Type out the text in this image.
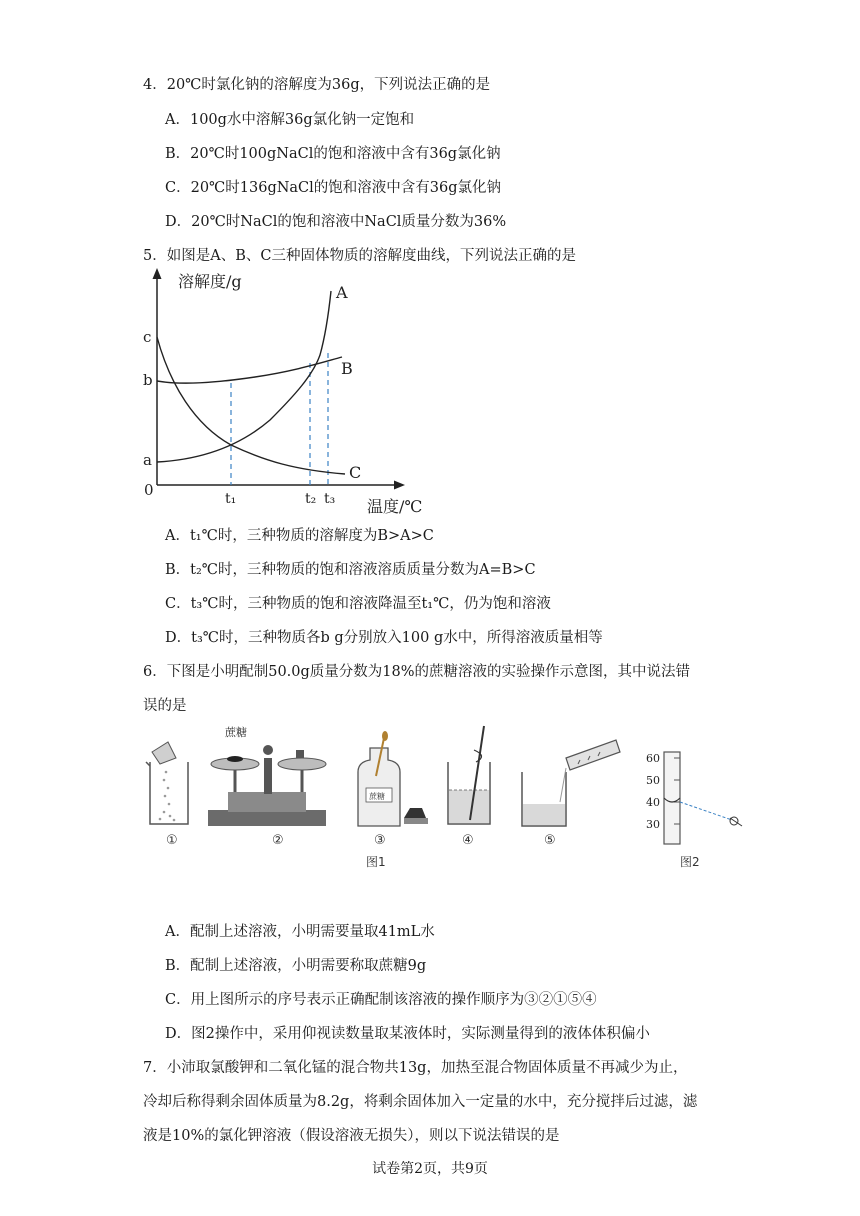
4．20℃时氯化钠的溶解度为36g，下列说法正确的是
A．100g水中溶解36g氯化钠一定饱和
B．20℃时100gNaCl的饱和溶液中含有36g氯化钠
C．20℃时136gNaCl的饱和溶液中含有36g氯化钠
D．20℃时NaCl的饱和溶液中NaCl质量分数为36%
5．如图是A、B、C三种固体物质的溶解度曲线，下列说法正确的是
溶解度/g
温度/℃
0
c
b
a
t₁	t₂ t₃
A
B
C
A．t₁℃时，三种物质的溶解度为B>A>C
B．t₂℃时，三种物质的饱和溶液溶质质量分数为A=B>C
C．t₃℃时，三种物质的饱和溶液降温至t₁℃，仍为饱和溶液
D．t₃℃时，三种物质各b g分别放入100 g水中，所得溶液质量相等
6．下图是小明配制50.0g质量分数为18%的蔗糖溶液的实验操作示意图，其中说法错
误的是
蔗糖
蔗糖
60
50
40
30
①	②	③	④	⑤
图1	图2
A．配制上述溶液，小明需要量取41mL水
B．配制上述溶液，小明需要称取蔗糖9g
C．用上图所示的序号表示正确配制该溶液的操作顺序为③②①⑤④
D．图2操作中，采用仰视读数量取某液体时，实际测量得到的液体体积偏小
7．小沛取氯酸钾和二氧化锰的混合物共13g，加热至混合物固体质量不再减少为止，
冷却后称得剩余固体质量为8.2g，将剩余固体加入一定量的水中，充分搅拌后过滤，滤
液是10%的氯化钾溶液（假设溶液无损失），则以下说法错误的是
试卷第2页，共9页
